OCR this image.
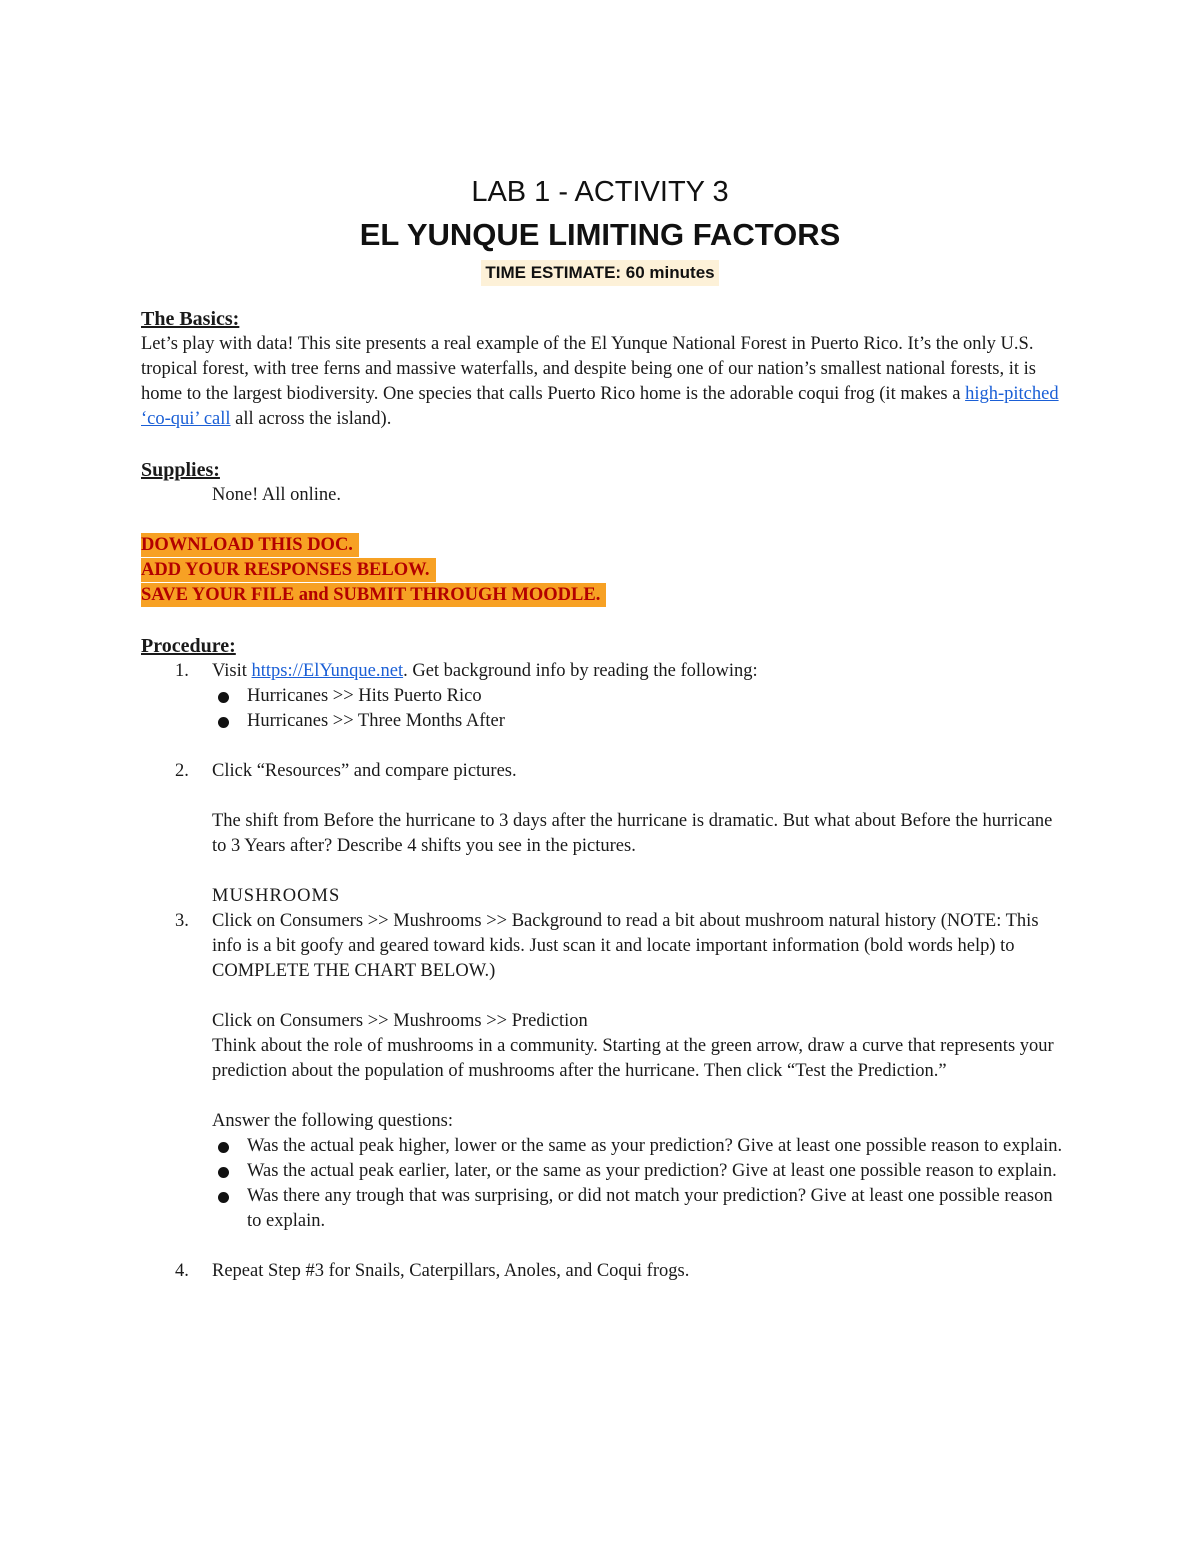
LAB 1 - ACTIVITY 3
EL YUNQUE LIMITING FACTORS
TIME ESTIMATE: 60 minutes
The Basics:

Let’s play with data! This site presents a real example of the El Yunque National Forest in Puerto Rico. It’s the only U.S. tropical forest, with tree ferns and massive waterfalls, and despite being one of our nation’s smallest national forests, it is home to the largest biodiversity. One species that calls Puerto Rico home is the adorable coqui frog (it makes a high-pitched ‘co-qui’ call all across the island).

Supplies:
None! All online.
DOWNLOAD THIS DOC.
ADD YOUR RESPONSES BELOW.
SAVE YOUR FILE and SUBMIT THROUGH MOODLE.
Procedure:
1.	Visit https://ElYunque.net. Get background info by reading the following:
Hurricanes >> Hits Puerto Rico
Hurricanes >> Three Months After
2.	Click “Resources” and compare pictures.
The shift from Before the hurricane to 3 days after the hurricane is dramatic. But what about Before the hurricane to 3 Years after? Describe 4 shifts you see in the pictures.
MUSHROOMS
3.	Click on Consumers >> Mushrooms >> Background to read a bit about mushroom natural history (NOTE: This info is a bit goofy and geared toward kids. Just scan it and locate important information (bold words help) to COMPLETE THE CHART BELOW.)
Click on Consumers >> Mushrooms >> Prediction
Think about the role of mushrooms in a community. Starting at the green arrow, draw a curve that represents your prediction about the population of mushrooms after the hurricane. Then click “Test the Prediction.”
Answer the following questions:
Was the actual peak higher, lower or the same as your prediction? Give at least one possible reason to explain.
Was the actual peak earlier, later, or the same as your prediction? Give at least one possible reason to explain.
Was there any trough that was surprising, or did not match your prediction? Give at least one possible reason to explain.
4.	Repeat Step #3 for Snails, Caterpillars, Anoles, and Coqui frogs.
